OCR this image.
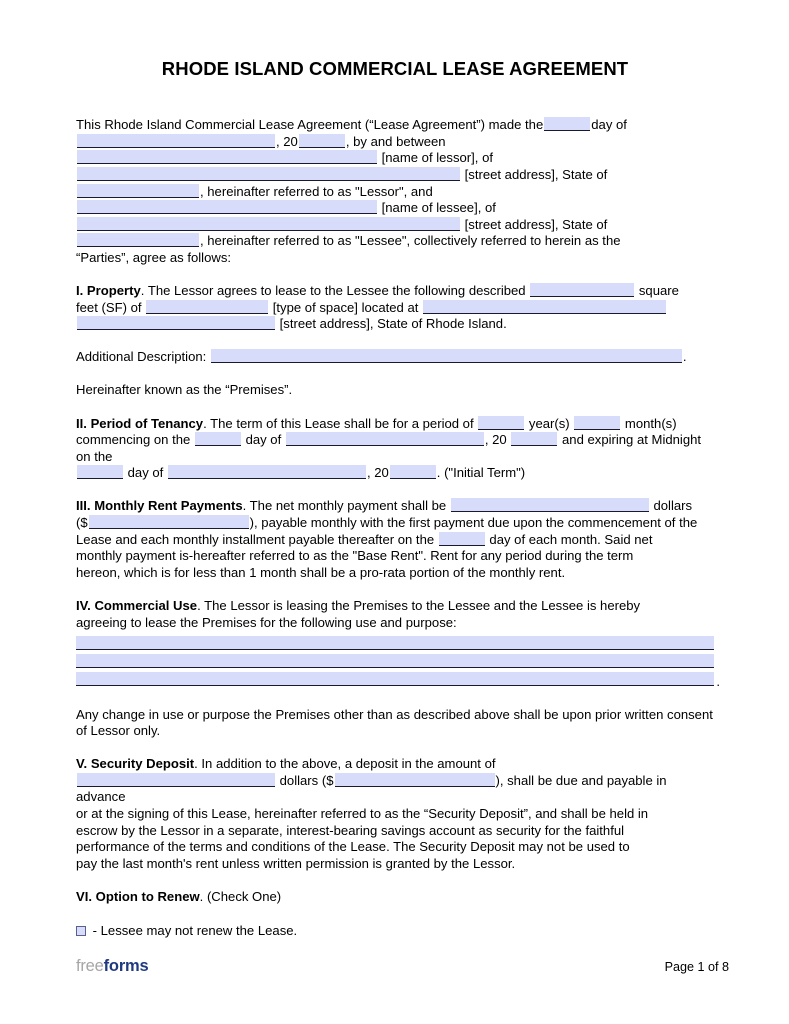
RHODE ISLAND COMMERCIAL LEASE AGREEMENT

This Rhode Island Commercial Lease Agreement (“Lease Agreement”) made the	day of
, 20	, by and between
[name of lessor], of
[street address], State of
, hereinafter referred to as "Lessor", and
[name of lessee], of
[street address], State of
, hereinafter referred to as "Lessee", collectively referred to herein as the
“Parties”, agree as follows:

I. Property. The Lessor agrees to lease to the Lessee the following described	square
feet (SF) of	[type of space] located at
[street address], State of Rhode Island.

Additional Description:	.

Hereinafter known as the “Premises”.

II. Period of Tenancy. The term of this Lease shall be for a period of	year(s)	month(s)
commencing on the	day of	, 20	and expiring at Midnight on the
day of	, 20	. ("Initial Term")

III. Monthly Rent Payments. The net monthly payment shall be	dollars
($	), payable monthly with the first payment due upon the commencement of the
Lease and each monthly installment payable thereafter on the	day of each month. Said net
monthly payment is-hereafter referred to as the "Base Rent". Rent for any period during the term
hereon, which is for less than 1 month shall be a pro-rata portion of the monthly rent.

IV. Commercial Use. The Lessor is leasing the Premises to the Lessee and the Lessee is hereby
agreeing to lease the Premises for the following use and purpose:

.

Any change in use or purpose the Premises other than as described above shall be upon prior written consent of Lessor only.

V. Security Deposit. In addition to the above, a deposit in the amount of
dollars ($	), shall be due and payable in advance
or at the signing of this Lease, hereinafter referred to as the “Security Deposit”, and shall be held in
escrow by the Lessor in a separate, interest-bearing savings account as security for the faithful
performance of the terms and conditions of the Lease. The Security Deposit may not be used to
pay the last month's rent unless written permission is granted by the Lessor.

VI. Option to Renew. (Check One)

- Lessee may not renew the Lease.

freeforms	Page 1 of 8
